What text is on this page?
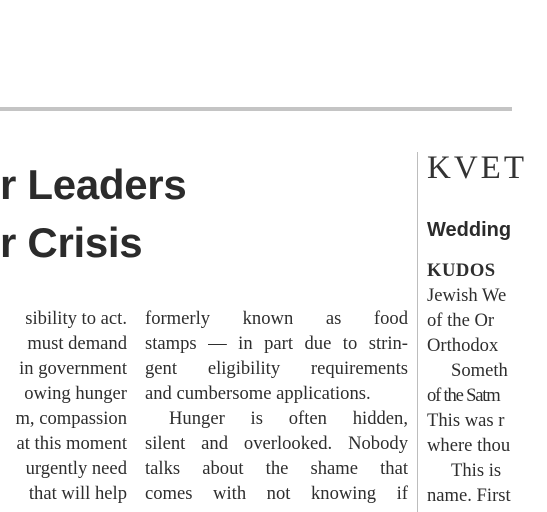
r Leaders
r Crisis
sibility to act.
must demand
in government
owing hunger
m, compassion
at this moment
urgently need
that will help
formerly known as food
stamps — in part due to strin-
gent eligibility requirements
and cumbersome applications.
Hunger is often hidden,
silent and overlooked. Nobody
talks about the shame that
comes with not knowing if
KVET
Wedding
KUDOS
Jewish We
of the Or
Orthodox
Someth
of the Satm
This was r
where thou
This is
name. First
